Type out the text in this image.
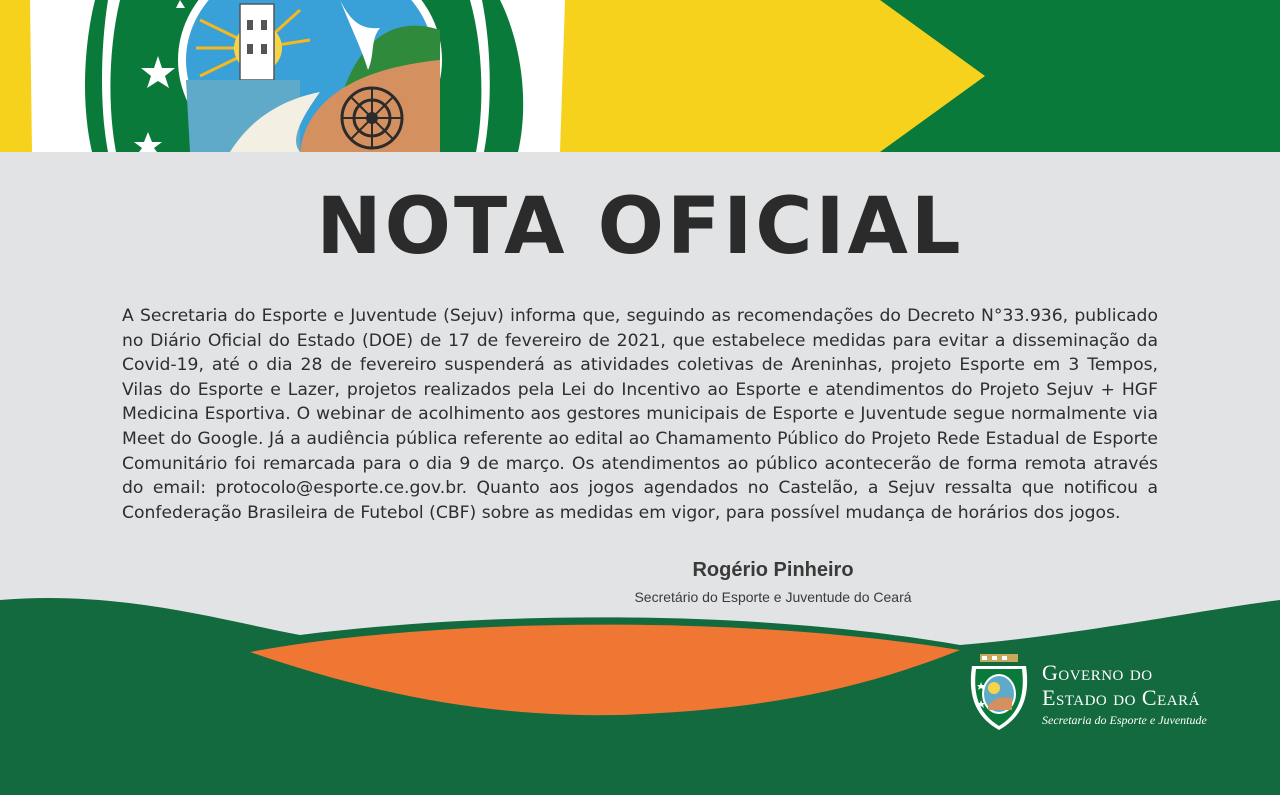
NOTA OFICIAL

A Secretaria do Esporte e Juventude (Sejuv) informa que, seguindo as recomendações do Decreto N°33.936, publicado no Diário Oficial do Estado (DOE) de 17 de fevereiro de 2021, que estabelece medidas para evitar a disseminação da Covid-19, até o dia 28 de fevereiro suspenderá as atividades coletivas de Areninhas, projeto Esporte em 3 Tempos, Vilas do Esporte e Lazer, projetos realizados pela Lei do Incentivo ao Esporte e atendimentos do Projeto Sejuv + HGF Medicina Esportiva. O webinar de acolhimento aos gestores municipais de Esporte e Juventude segue normalmente via Meet do Google. Já a audiência pública referente ao edital ao Chamamento Público do Projeto Rede Estadual de Esporte Comunitário foi remarcada para o dia 9 de março. Os atendimentos ao público acontecerão de forma remota através do email: protocolo@esporte.ce.gov.br. Quanto aos jogos agendados no Castelão, a Sejuv ressalta que notificou a Confederação Brasileira de Futebol (CBF) sobre as medidas em vigor, para possível mudança de horários dos jogos.

Rogério Pinheiro
Secretário do Esporte e Juventude do Ceará
Governo do
Estado do Ceará
Secretaria do Esporte e Juventude
